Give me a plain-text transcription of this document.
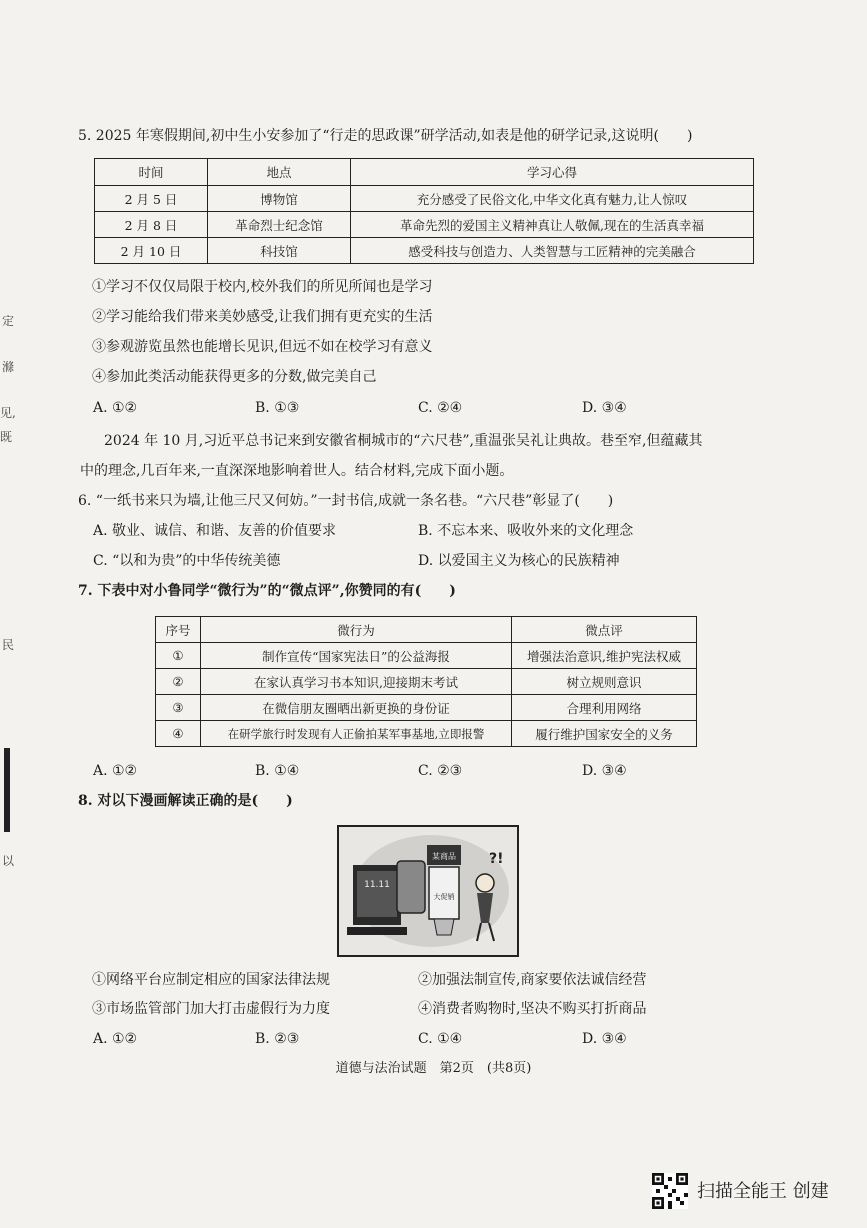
定
滌
见,
既
民
以
5. 2025 年寒假期间,初中生小安参加了“行走的思政课”研学活动,如表是他的研学记录,这说明(　　)
时间	地点	学习心得
2 月 5 日	博物馆	充分感受了民俗文化,中华文化真有魅力,让人惊叹
2 月 8 日	革命烈士纪念馆	革命先烈的爱国主义精神真让人敬佩,现在的生活真幸福
2 月 10 日	科技馆	感受科技与创造力、人类智慧与工匠精神的完美融合
①学习不仅仅局限于校内,校外我们的所见所闻也是学习
②学习能给我们带来美妙感受,让我们拥有更充实的生活
③参观游览虽然也能增长见识,但远不如在校学习有意义
④参加此类活动能获得更多的分数,做完美自己
A. ①②	B. ①③	C. ②④	D. ③④
2024 年 10 月,习近平总书记来到安徽省桐城市的“六尺巷”,重温张吴礼让典故。巷至窄,但蕴藏其
中的理念,几百年来,一直深深地影响着世人。结合材料,完成下面小题。
6. “一纸书来只为墙,让他三尺又何妨。”一封书信,成就一条名巷。“六尺巷”彰显了(　　)
A. 敬业、诚信、和谐、友善的价值要求	B. 不忘本来、吸收外来的文化理念
C. “以和为贵”的中华传统美德	D. 以爱国主义为核心的民族精神
7. 下表中对小鲁同学“微行为”的“微点评”,你赞同的有(　　)
序号	微行为	微点评
①	制作宣传“国家宪法日”的公益海报	增强法治意识,维护宪法权威
②	在家认真学习书本知识,迎接期末考试	树立规则意识
③	在微信朋友圈晒出新更换的身份证	合理利用网络
④	在研学旅行时发现有人正偷拍某军事基地,立即报警	履行维护国家安全的义务
A. ①②	B. ①④	C. ②③	D. ③④
8. 对以下漫画解读正确的是(　　)
11.11
某商品
大促销
?!
①网络平台应制定相应的国家法律法规	②加强法制宣传,商家要依法诚信经营
③市场监管部门加大打击虚假行为力度	④消费者购物时,坚决不购买打折商品
A. ①②	B. ②③	C. ①④	D. ③④
道德与法治试题　第2页　(共8页)
扫描全能王 创建
